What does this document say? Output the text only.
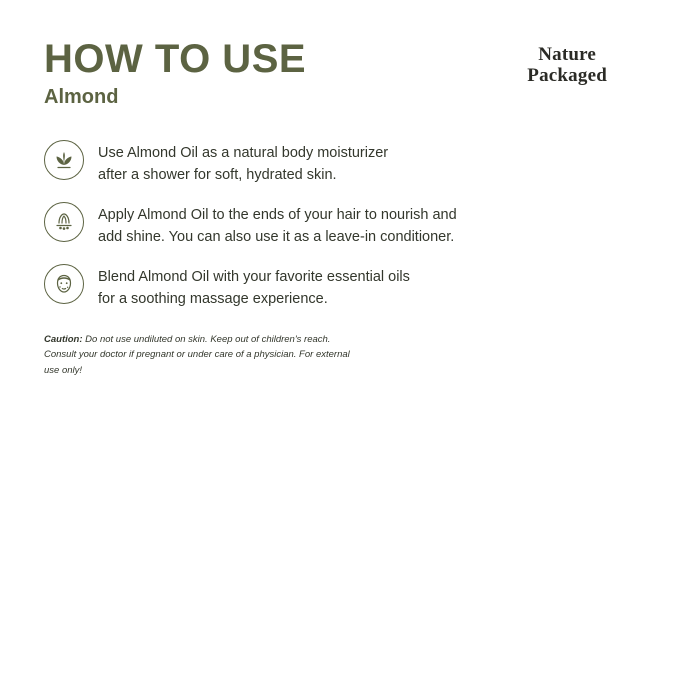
HOW TO USE
Almond
Nature
Packaged
Use Almond Oil as a natural body moisturizer
after a shower for soft, hydrated skin.
Apply Almond Oil to the ends of your hair to nourish and
add shine. You can also use it as a leave-in conditioner.
Blend Almond Oil with your favorite essential oils
for a soothing massage experience.
Caution: Do not use undiluted on skin. Keep out of children's reach. Consult your doctor if pregnant or under care of a physician. For external use only!
